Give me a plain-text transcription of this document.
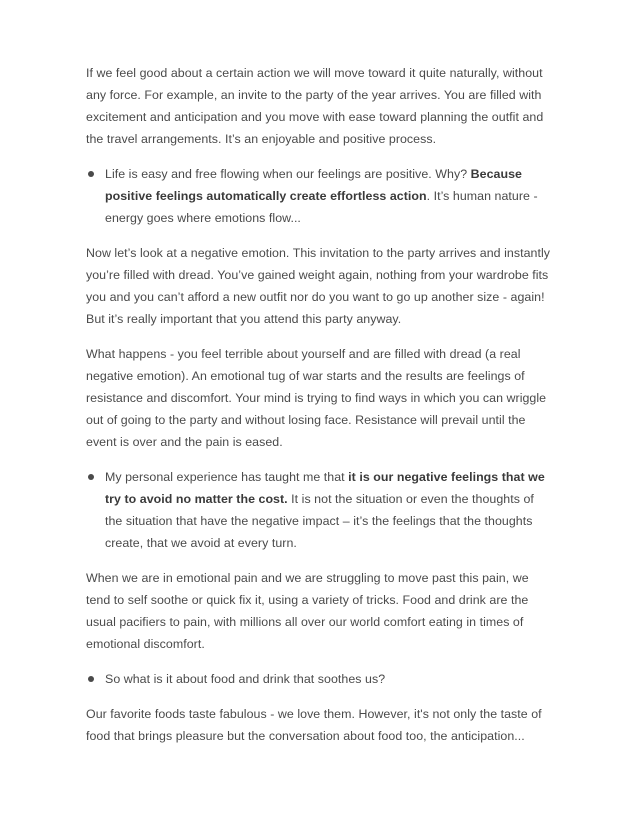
If we feel good about a certain action we will move toward it quite naturally, without any force. For example, an invite to the party of the year arrives. You are filled with excitement and anticipation and you move with ease toward planning the outfit and the travel arrangements. It’s an enjoyable and positive process.

Life is easy and free flowing when our feelings are positive. Why? Because positive feelings automatically create effortless action. It’s human nature - energy goes where emotions flow...

Now let’s look at a negative emotion. This invitation to the party arrives and instantly you’re filled with dread. You’ve gained weight again, nothing from your wardrobe fits you and you can’t afford a new outfit nor do you want to go up another size - again! But it’s really important that you attend this party anyway.

What happens - you feel terrible about yourself and are filled with dread (a real negative emotion). An emotional tug of war starts and the results are feelings of resistance and discomfort. Your mind is trying to find ways in which you can wriggle out of going to the party and without losing face. Resistance will prevail until the event is over and the pain is eased.

My personal experience has taught me that it is our negative feelings that we try to avoid no matter the cost. It is not the situation or even the thoughts of the situation that have the negative impact – it’s the feelings that the thoughts create, that we avoid at every turn.

When we are in emotional pain and we are struggling to move past this pain, we tend to self soothe or quick fix it, using a variety of tricks. Food and drink are the usual pacifiers to pain, with millions all over our world comfort eating in times of emotional discomfort.

So what is it about food and drink that soothes us?

Our favorite foods taste fabulous - we love them. However, it's not only the taste of food that brings pleasure but the conversation about food too, the anticipation...
